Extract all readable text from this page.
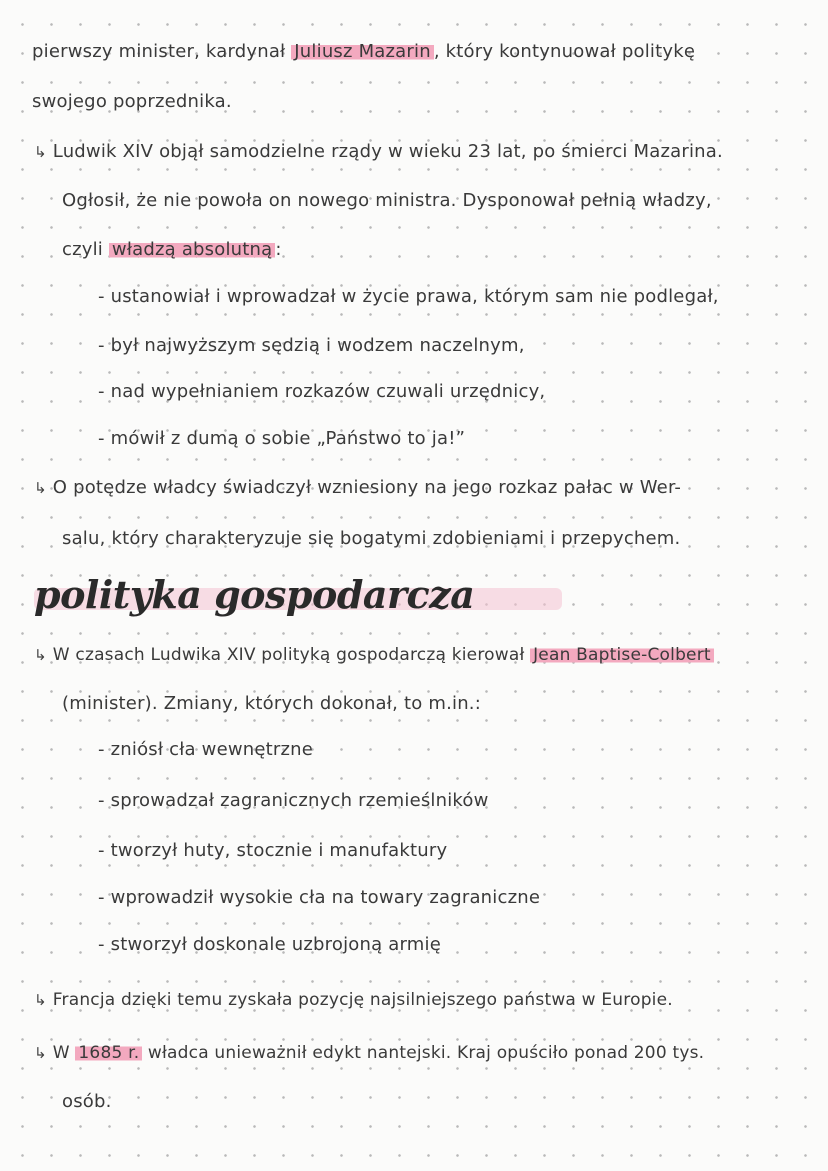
pierwszy minister, kardynał Juliusz Mazarin , który kontynuował politykę
swojego poprzednika.
↳ Ludwik XIV objął samodzielne rządy w wieku 23 lat, po śmierci Mazarina.
Ogłosił, że nie powoła on nowego ministra. Dysponował pełnią władzy,
czyli władzą absolutną :
- ustanowiał i wprowadzał w życie prawa, którym sam nie podlegał,
- był najwyższym sędzią i wodzem naczelnym,
- nad wypełnianiem rozkazów czuwali urzędnicy,
- mówił z dumą o sobie „Państwo to ja!”
↳ O potędze władcy świadczył wzniesiony na jego rozkaz pałac w Wer-
salu, który charakteryzuje się bogatymi zdobieniami i przepychem.
polityka gospodarcza
↳ W czasach Ludwika XIV polityką gospodarczą kierował Jean Baptise-Colbert
(minister). Zmiany, których dokonał, to m.in.:
- zniósł cła wewnętrzne
- sprowadzał zagranicznych rzemieślników
- tworzył huty, stocznie i manufaktury
- wprowadził wysokie cła na towary zagraniczne
- stworzył doskonale uzbrojoną armię
↳ Francja dzięki temu zyskała pozycję najsilniejszego państwa w Europie.
↳ W 1685 r. władca unieważnił edykt nantejski. Kraj opuściło ponad 200 tys.
osób.
